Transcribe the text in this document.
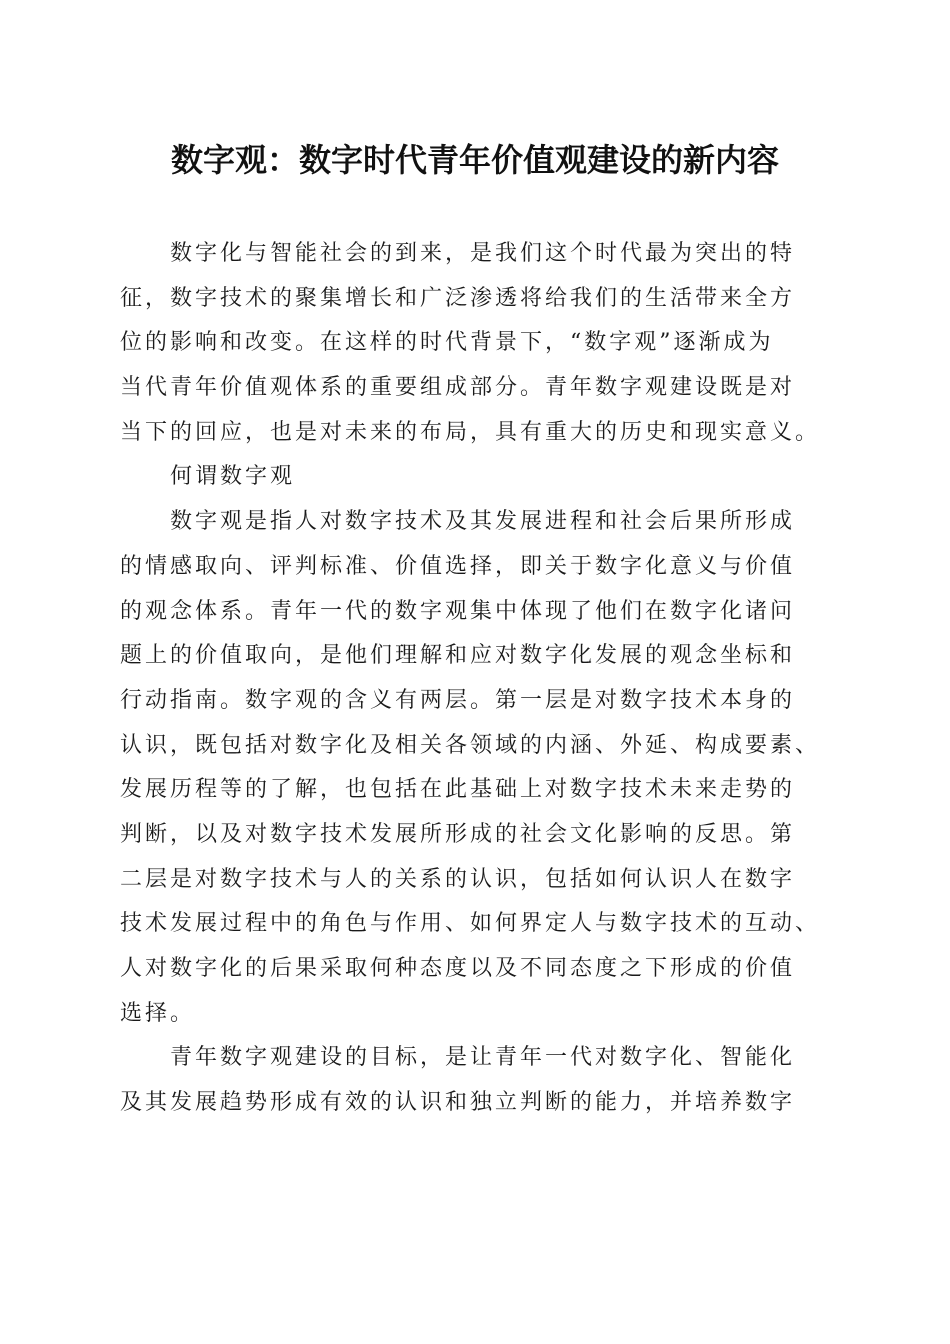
数字观：数字时代青年价值观建设的新内容
数字化与智能社会的到来，是我们这个时代最为突出的特
征，数字技术的聚集增长和广泛渗透将给我们的生活带来全方
位的影响和改变。在这样的时代背景下，“数字观”逐渐成为
当代青年价值观体系的重要组成部分。青年数字观建设既是对
当下的回应，也是对未来的布局，具有重大的历史和现实意义。
何谓数字观
数字观是指人对数字技术及其发展进程和社会后果所形成
的情感取向、评判标准、价值选择，即关于数字化意义与价值
的观念体系。青年一代的数字观集中体现了他们在数字化诸问
题上的价值取向，是他们理解和应对数字化发展的观念坐标和
行动指南。数字观的含义有两层。第一层是对数字技术本身的
认识，既包括对数字化及相关各领域的内涵、外延、构成要素、
发展历程等的了解，也包括在此基础上对数字技术未来走势的
判断，以及对数字技术发展所形成的社会文化影响的反思。第
二层是对数字技术与人的关系的认识，包括如何认识人在数字
技术发展过程中的角色与作用、如何界定人与数字技术的互动、
人对数字化的后果采取何种态度以及不同态度之下形成的价值
选择。
青年数字观建设的目标，是让青年一代对数字化、智能化
及其发展趋势形成有效的认识和独立判断的能力，并培养数字
